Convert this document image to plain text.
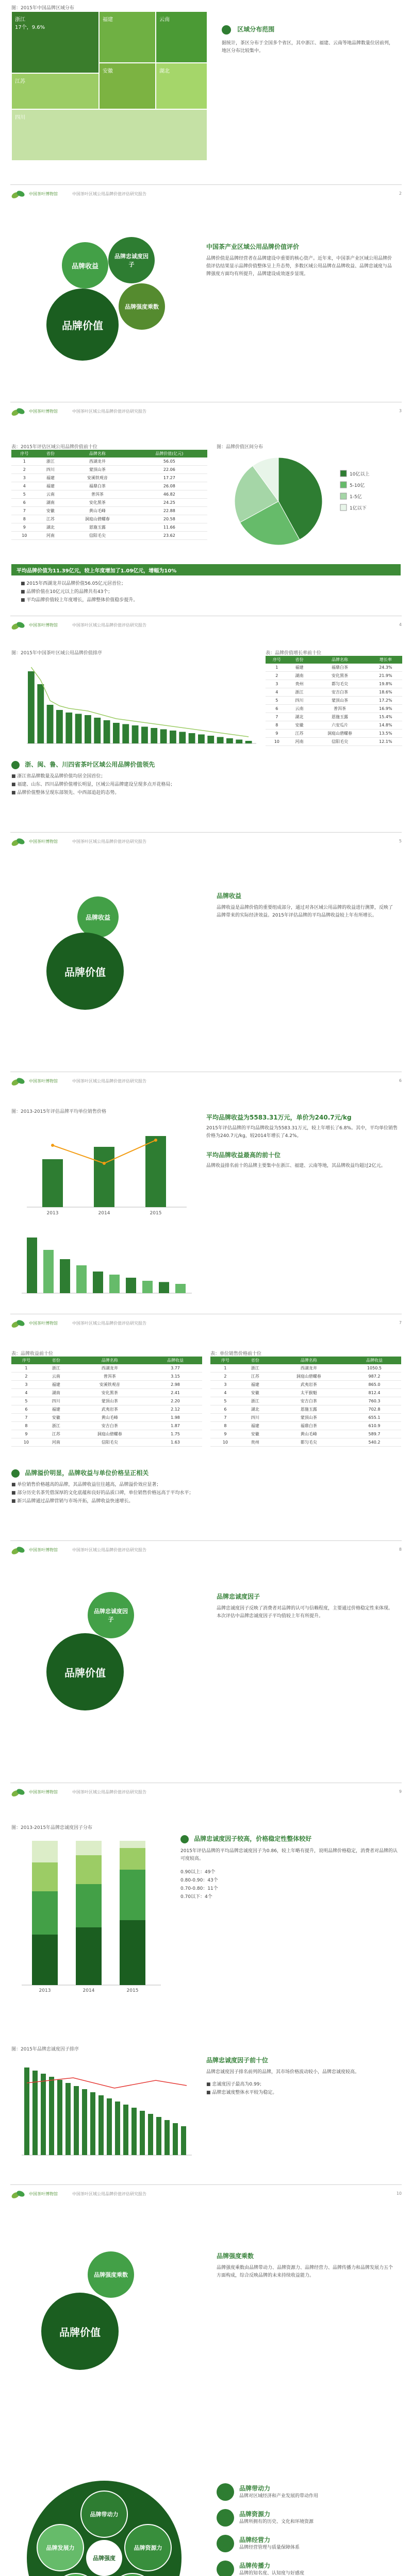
图：2015年中国品牌区域分布
浙江
17个，9.6%
福建	云南
江苏
安徽	湖北
四川
区域分布范围
据统计，茶区分布于全国多个省区，其中浙江、福建、云南等地品牌数量位居前列，地区分布比较集中。
中国茶叶博物馆	中国茶叶区域公用品牌价值评估研究报告	2
品牌收益
品牌忠诚度因子
品牌价值
品牌强度乘数
中国茶产业区域公用品牌价值评价
品牌价值是品牌经营者在品牌建设中重要的核心资产。近年来，中国茶产业区域公用品牌价值评估结果显示品牌价值整体呈上升态势，多数区域公用品牌在品牌收益、品牌忠诚度与品牌强度方面均有所提升，品牌建设成效逐步显现。
中国茶叶博物馆	中国茶叶区域公用品牌价值评估研究报告	3
表：2015年评估区域公用品牌价值前十位
序号	省份	品牌名称	品牌价值(亿元)
1	浙江	西湖龙井	56.05
2	四川	蒙顶山茶	22.06
3	福建	安溪铁观音	17.27
4	福建	福鼎白茶	26.08
5	云南	普洱茶	46.82
6	湖南	安化黑茶	24.25
7	安徽	黄山毛峰	22.88
8	江苏	洞庭山碧螺春	20.58
9	湖北	恩施玉露	11.66
10	河南	信阳毛尖	23.62
图：品牌价值区间分布
10亿以上
5-10亿
1-5亿
1亿以下
平均品牌价值为11.39亿元，较上年度增加了1.09亿元，增幅为10%
■ 2015年西湖龙井以品牌价值56.05亿元居首位；
■ 品牌价值在10亿元以上的品牌共有43个；
■ 平均品牌价值较上年度增长，品牌整体价值稳步提升。
中国茶叶博物馆	中国茶叶区域公用品牌价值评估研究报告	4
图：2015年中国茶叶区域公用品牌价值排序	表：品牌价值增长率前十位
序号	省份	品牌名称	增长率
1	福建	福鼎白茶	24.3%
2	湖南	安化黑茶	21.9%
3	贵州	都匀毛尖	19.8%
4	浙江	安吉白茶	18.6%
5	四川	蒙顶山茶	17.2%
6	云南	普洱茶	16.9%
7	湖北	恩施玉露	15.4%
8	安徽	六安瓜片	14.8%
9	江苏	洞庭山碧螺春	13.5%
10	河南	信阳毛尖	12.1%
浙、闽、鲁、川四省茶叶区域公用品牌价值领先
■ 浙江省品牌数量及品牌价值均居全国首位；
■ 福建、山东、四川品牌价值增长明显，区域公用品牌建设呈现多点开花格局；
■ 品牌价值整体呈现东部领先、中西部追赶的态势。
中国茶叶博物馆	中国茶叶区域公用品牌价值评估研究报告	5
品牌收益
品牌价值
品牌收益
品牌收益是品牌价值的重要组成部分，通过对各区域公用品牌的收益进行测算，反映了品牌带来的实际经济效益。2015年评估品牌的平均品牌收益较上年有所增长。
中国茶叶博物馆	中国茶叶区域公用品牌价值评估研究报告	6
图：2013-2015年评估品牌平均单位销售价格
2013	2014	2015
平均品牌收益为5583.31万元，单价为240.7元/kg
2015年评估品牌的平均品牌收益为5583.31万元，较上年增长了6.8%。其中，平均单位销售价格为240.7元/kg，较2014年增长了4.2%。
平均品牌收益最高的前十位
品牌收益排名前十的品牌主要集中在浙江、福建、云南等地，其品牌收益均超过2亿元。
中国茶叶博物馆	中国茶叶区域公用品牌价值评估研究报告	7
表：品牌收益前十位
序号	省份	品牌名称	品牌收益
1	浙江	西湖龙井	3.77
2	云南	普洱茶	3.15
3	福建	安溪铁观音	2.98
4	湖南	安化黑茶	2.41
5	四川	蒙顶山茶	2.20
6	福建	武夷岩茶	2.12
7	安徽	黄山毛峰	1.98
8	浙江	安吉白茶	1.87
9	江苏	洞庭山碧螺春	1.75
10	河南	信阳毛尖	1.63
表：单位销售价格前十位
序号	省份	品牌名称	品牌收益
1	浙江	西湖龙井	1050.5
2	江苏	洞庭山碧螺春	987.2
3	福建	武夷岩茶	865.0
4	安徽	太平猴魁	812.4
5	浙江	安吉白茶	760.3
6	湖北	恩施玉露	702.8
7	四川	蒙顶山茶	655.1
8	福建	福鼎白茶	610.9
9	安徽	黄山毛峰	589.7
10	贵州	都匀毛尖	540.2
品牌溢价明显，品牌收益与单位价格呈正相关
■ 单位销售价格越高的品牌，其品牌收益往往越高，品牌溢价效应显著；
■ 部分历史名茶凭借深厚的文化底蕴和良好的品质口碑，单位销售价格远高于平均水平；
■ 新兴品牌通过品牌营销与市场开拓，品牌收益快速增长。
中国茶叶博物馆	中国茶叶区域公用品牌价值评估研究报告	8
品牌忠诚度因子
品牌价值
品牌忠诚度因子
品牌忠诚度因子反映了消费者对品牌的认可与信赖程度，主要通过价格稳定性来体现。本次评估中品牌忠诚度因子平均值较上年有所提升。
中国茶叶博物馆	中国茶叶区域公用品牌价值评估研究报告	9
图：2013-2015年品牌忠诚度因子分布
2013	2014	2015
品牌忠诚度因子较高，价格稳定性整体较好
2015年评估品牌的平均品牌忠诚度因子为0.86，较上年略有提升，说明品牌价格稳定，消费者对品牌的认可度较高。
0.90以上：49个
0.80-0.90：43个
0.70-0.80：11个
0.70以下：4个
图：2015年品牌忠诚度因子排序
品牌忠诚度因子前十位
品牌忠诚度因子排名前列的品牌，其市场价格波动较小，品牌忠诚度较高。
■ 忠诚度因子最高为0.99；
■ 品牌忠诚度整体水平较为稳定。
中国茶叶博物馆	中国茶叶区域公用品牌价值评估研究报告	10
品牌强度乘数
品牌价值
品牌强度乘数
品牌强度乘数由品牌带动力、品牌资源力、品牌经营力、品牌传播力和品牌发展力五个方面构成，综合反映品牌的未来持续收益能力。
品牌带动力
品牌资源力
品牌发展力
品牌强度
品牌带动力
品牌对区域经济和产业发展的带动作用
品牌资源力
品牌所拥有的历史、文化和环境资源
品牌经营力
品牌经营管理与质量保障体系
品牌传播力
品牌的知名度、认知度与好感度
